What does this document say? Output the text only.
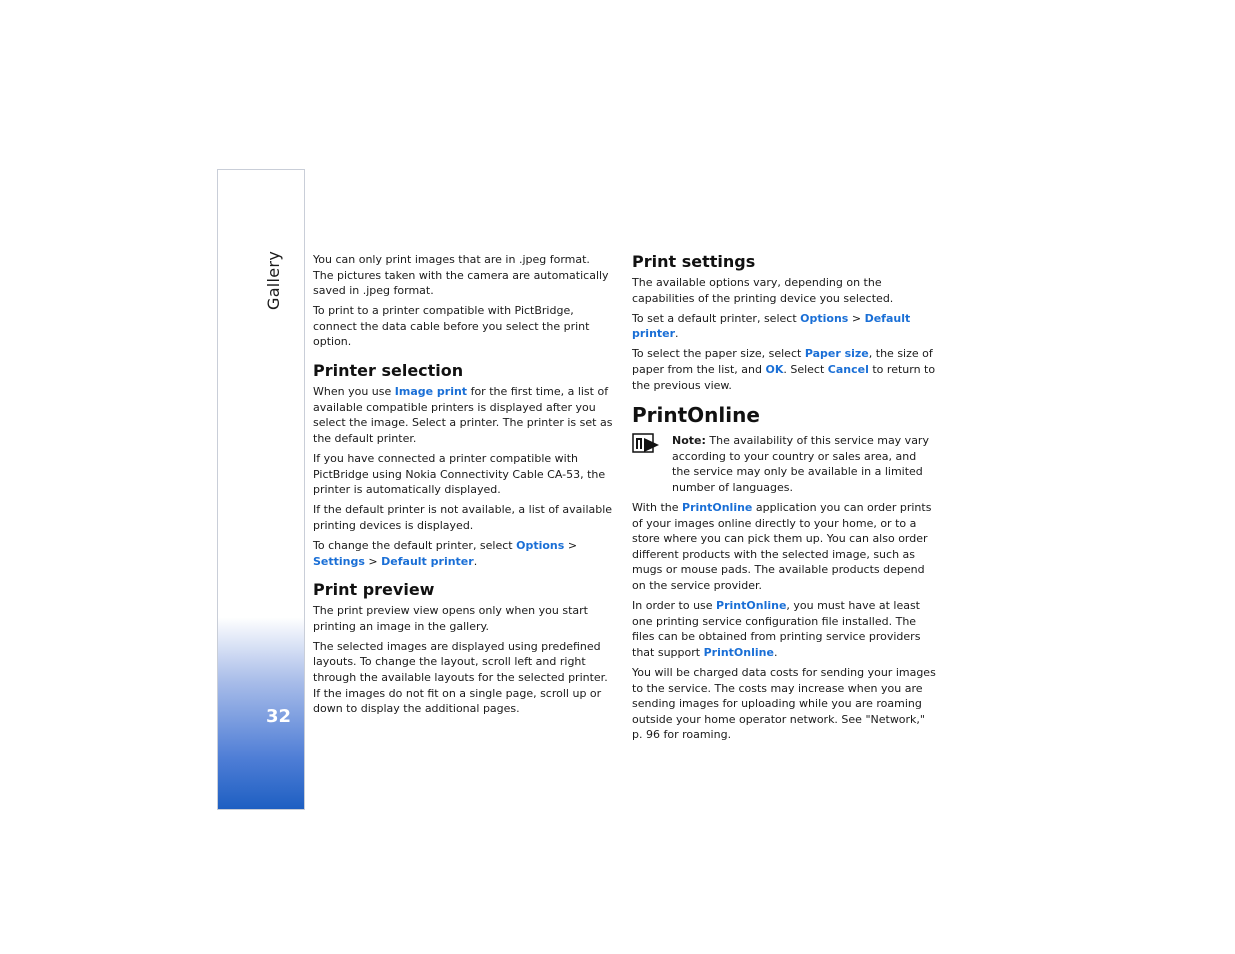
Gallery
32

You can only print images that are in .jpeg format. The pictures taken with the camera are automatically saved in .jpeg format.

To print to a printer compatible with PictBridge, connect the data cable before you select the print option.

Printer selection

When you use Image print for the first time, a list of available compatible printers is displayed after you select the image. Select a printer. The printer is set as the default printer.

If you have connected a printer compatible with PictBridge using Nokia Connectivity Cable CA-53, the printer is automatically displayed.

If the default printer is not available, a list of available printing devices is displayed.

To change the default printer, select Options > Settings > Default printer.

Print preview

The print preview view opens only when you start printing an image in the gallery.

The selected images are displayed using predefined layouts. To change the layout, scroll left and right through the available layouts for the selected printer. If the images do not fit on a single page, scroll up or down to display the additional pages.

Print settings

The available options vary, depending on the capabilities of the printing device you selected.

To set a default printer, select Options > Default printer.

To select the paper size, select Paper size, the size of paper from the list, and OK. Select Cancel to return to the previous view.

PrintOnline
Note: The availability of this service may vary according to your country or sales area, and the service may only be available in a limited number of languages.

With the PrintOnline application you can order prints of your images online directly to your home, or to a store where you can pick them up. You can also order different products with the selected image, such as mugs or mouse pads. The available products depend on the service provider.

In order to use PrintOnline, you must have at least one printing service configuration file installed. The files can be obtained from printing service providers that support PrintOnline.

You will be charged data costs for sending your images to the service. The costs may increase when you are sending images for uploading while you are roaming outside your home operator network. See "Network," p. 96 for roaming.
